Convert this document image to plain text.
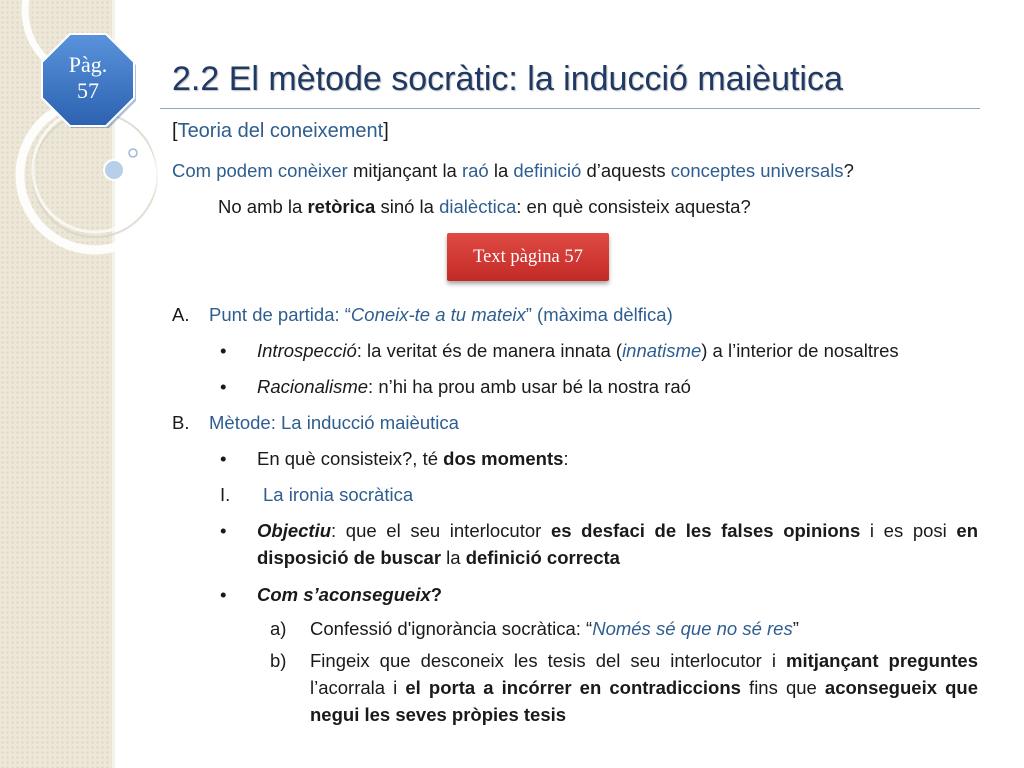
Pàg.
57	2.2 El mètode socràtic: la inducció maièutica
[Teoria del coneixement]
Com podem conèixer mitjançant la raó la definició d’aquests conceptes universals?
No amb la retòrica sinó la dialèctica: en què consisteix aquesta?
A. Punt de partida: “Coneix-te a tu mateix” (màxima dèlfica)
• Introspecció: la veritat és de manera innata (innatisme) a l’interior de nosaltres
• Racionalisme: n’hi ha prou amb usar bé la nostra raó
B. Mètode: La inducció maièutica
• En què consisteix?, té dos moments:
I. La ironia socràtica
• Objectiu: que el seu interlocutor es desfaci de les falses opinions i es posi en disposició de buscar la definició correcta
• Com s’aconsegueix?
a) Confessió d'ignorància socràtica: “Només sé que no sé res”
b) Fingeix que desconeix les tesis del seu interlocutor i mitjançant preguntes l’acorrala i el porta a incórrer en contradiccions fins que aconsegueix que negui les seves pròpies tesis
Text pàgina 57
